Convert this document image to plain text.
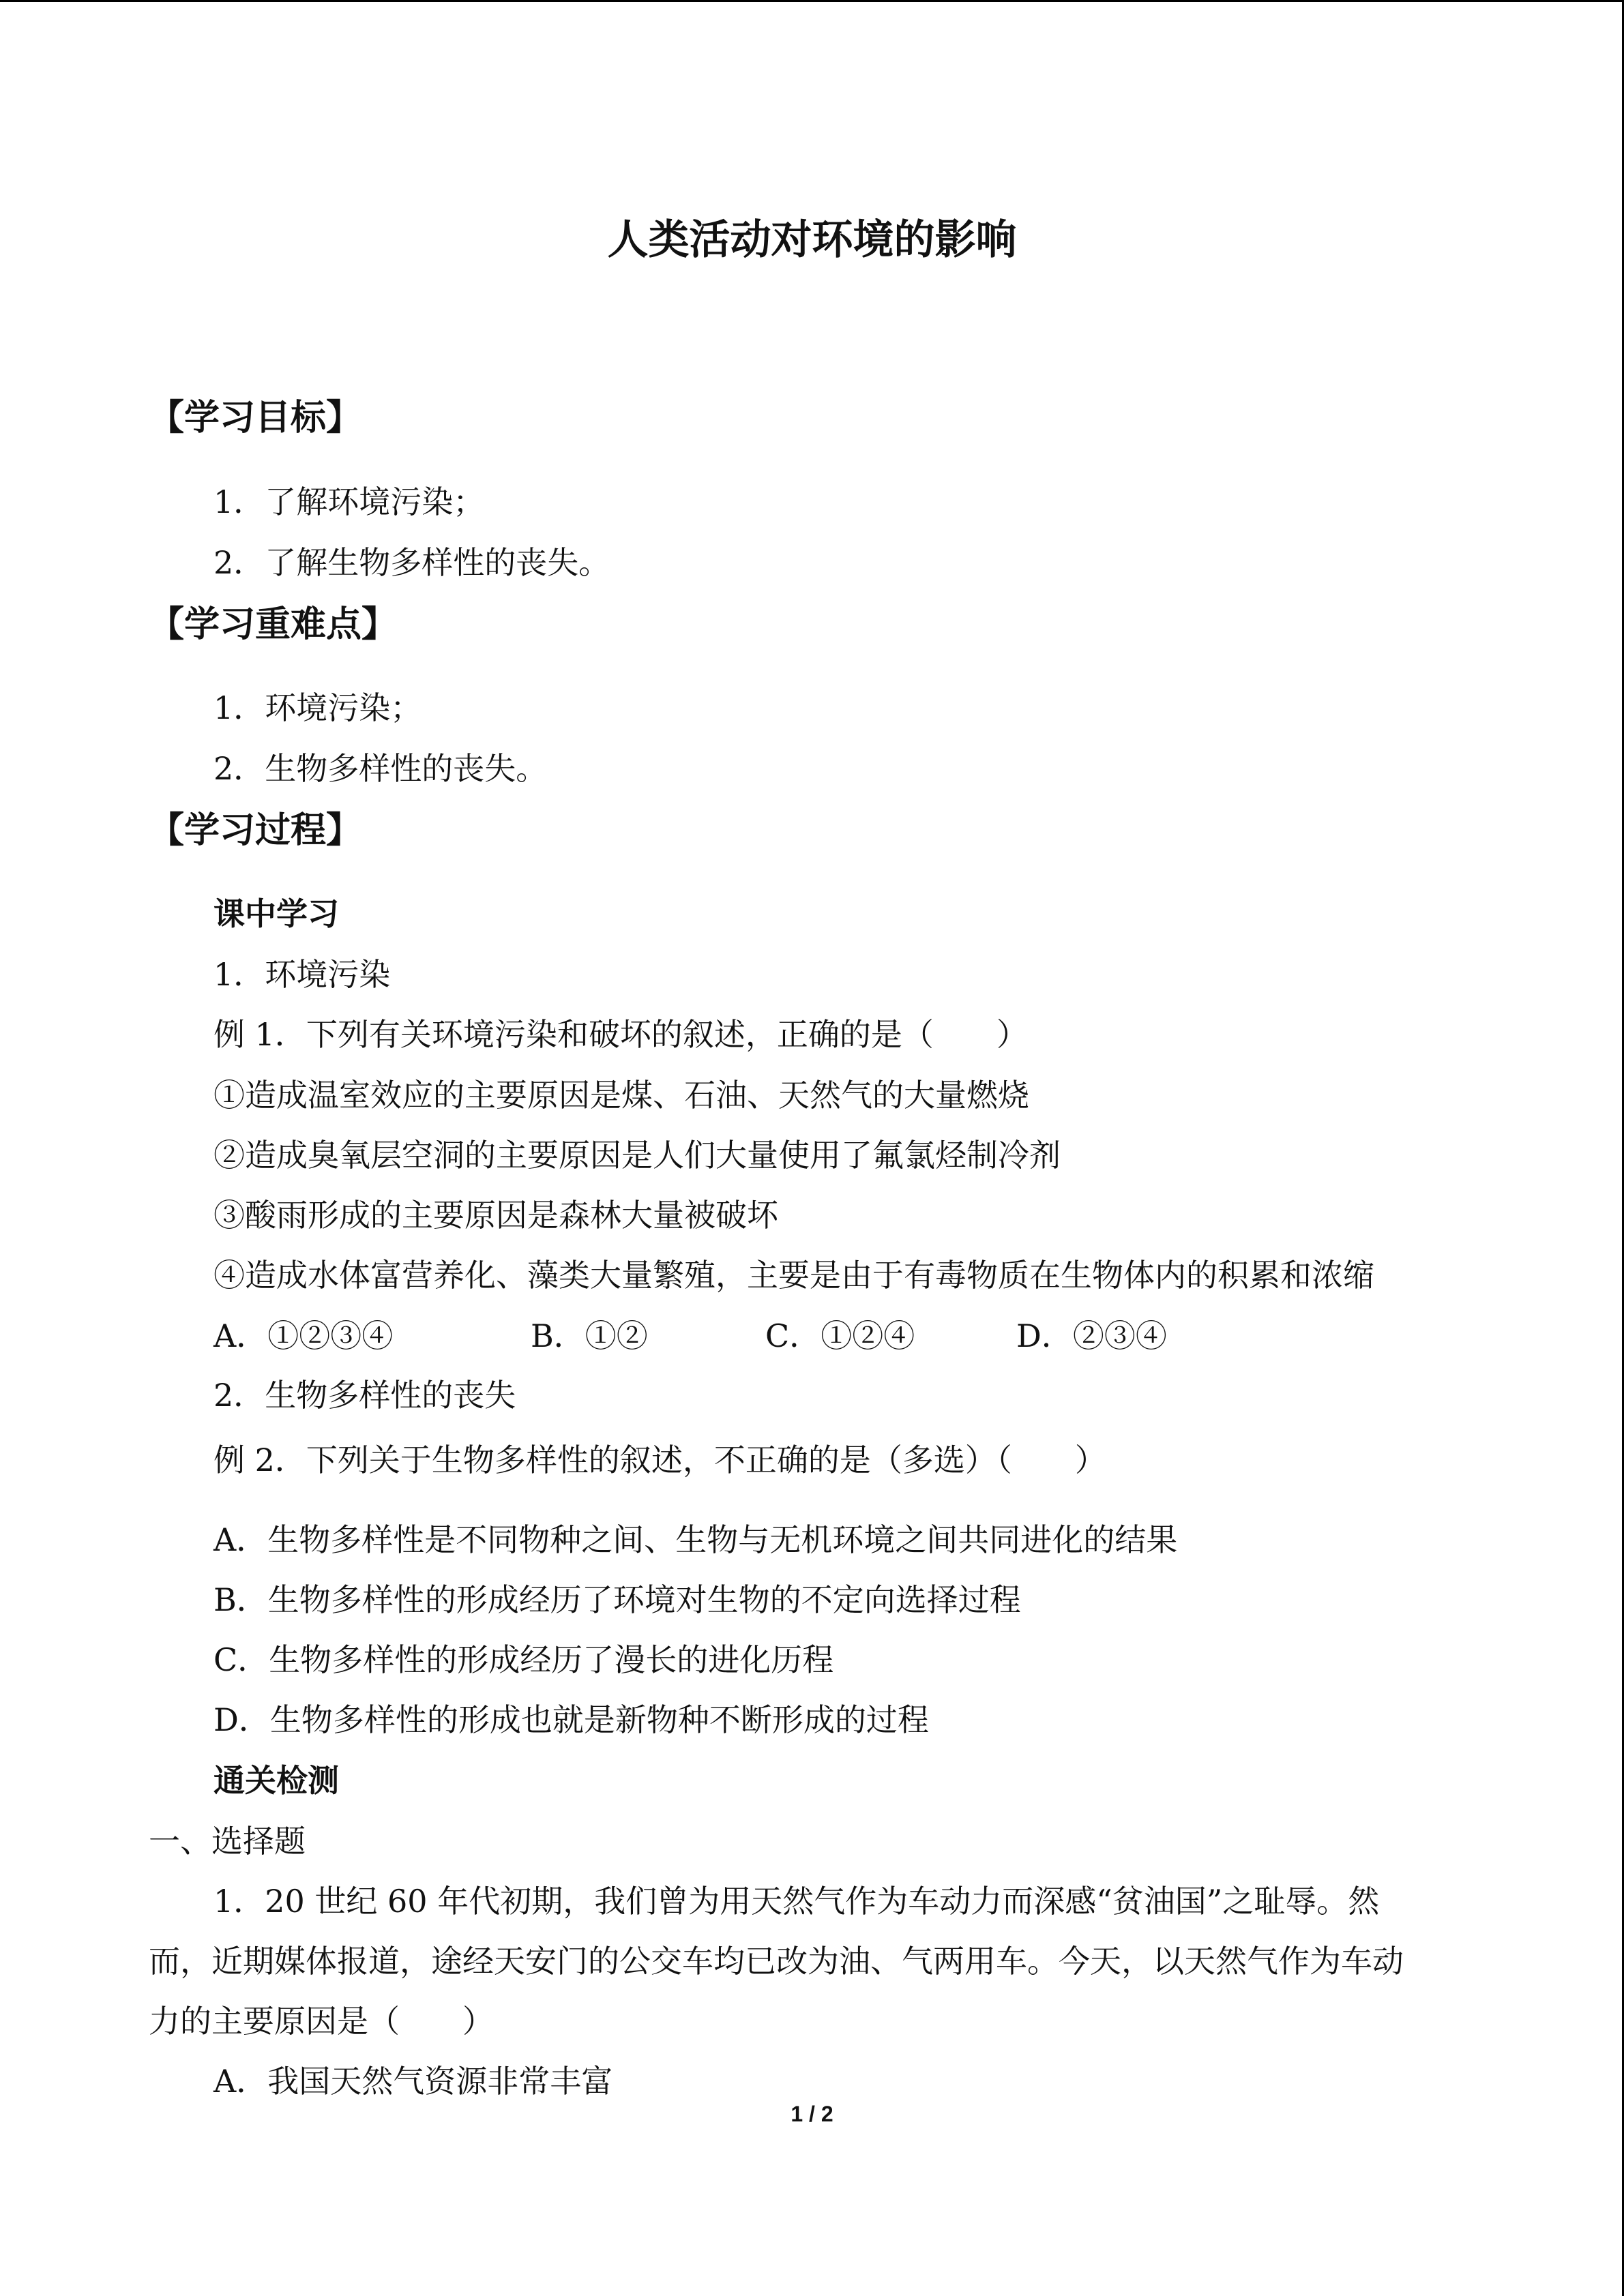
人类活动对环境的影响
【学习目标】
1．了解环境污染；
2．了解生物多样性的丧失。
【学习重难点】
1．环境污染；
2．生物多样性的丧失。
【学习过程】
课中学习
1．环境污染
例 1．下列有关环境污染和破坏的叙述，正确的是（　　）
①造成温室效应的主要原因是煤、石油、天然气的大量燃烧
②造成臭氧层空洞的主要原因是人们大量使用了氟氯烃制冷剂
③酸雨形成的主要原因是森林大量被破坏
④造成水体富营养化、藻类大量繁殖，主要是由于有毒物质在生物体内的积累和浓缩
A．①②③④	B．①②	C．①②④	D．②③④
2．生物多样性的丧失
例 2．下列关于生物多样性的叙述，不正确的是（多选）（　　）
A．生物多样性是不同物种之间、生物与无机环境之间共同进化的结果
B．生物多样性的形成经历了环境对生物的不定向选择过程
C．生物多样性的形成经历了漫长的进化历程
D．生物多样性的形成也就是新物种不断形成的过程
通关检测
一、选择题
1．20 世纪 60 年代初期，我们曾为用天然气作为车动力而深感“贫油国”之耻辱。然
而，近期媒体报道，途经天安门的公交车均已改为油、气两用车。今天，以天然气作为车动
力的主要原因是（　　）
A．我国天然气资源非常丰富
1 / 2
